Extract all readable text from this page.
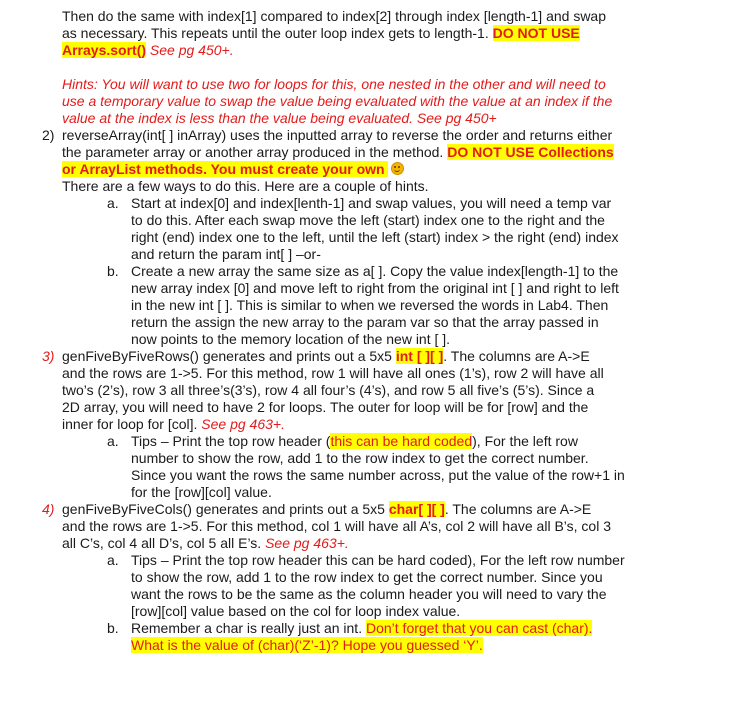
Then do the same with index[1] compared to index[2] through index [length-1] and swap
as necessary. This repeats until the outer loop index gets to length-1. DO NOT USE
Arrays.sort() See pg 450+.
Hints: You will want to use two for loops for this, one nested in the other and will need to
use a temporary value to swap the value being evaluated with the value at an index if the
value at the index is less than the value being evaluated. See pg 450+
2) reverseArray(int[ ] inArray) uses the inputted array to reverse the order and returns either
the parameter array or another array produced in the method. DO NOT USE Collections
or ArrayList methods. You must create your own
There are a few ways to do this. Here are a couple of hints.
a. Start at index[0] and index[lenth-1] and swap values, you will need a temp var
to do this. After each swap move the left (start) index one to the right and the
right (end) index one to the left, until the left (start) index > the right (end) index
and return the param int[ ] –or-
b. Create a new array the same size as a[ ]. Copy the value index[length-1] to the
new array index [0] and move left to right from the original int [ ] and right to left
in the new int [ ]. This is similar to when we reversed the words in Lab4. Then
return the assign the new array to the param var so that the array passed in
now points to the memory location of the new int [ ].
3) genFiveByFiveRows() generates and prints out a 5x5 int [ ][ ]. The columns are A->E
and the rows are 1->5. For this method, row 1 will have all ones (1’s), row 2 will have all
two’s (2’s), row 3 all three’s(3’s), row 4 all four’s (4’s), and row 5 all five’s (5’s). Since a
2D array, you will need to have 2 for loops. The outer for loop will be for [row] and the
inner for loop for [col]. See pg 463+.
a. Tips – Print the top row header (this can be hard coded), For the left row
number to show the row, add 1 to the row index to get the correct number.
Since you want the rows the same number across, put the value of the row+1 in
for the [row][col] value.
4) genFiveByFiveCols() generates and prints out a 5x5 char[ ][ ]. The columns are A->E
and the rows are 1->5. For this method, col 1 will have all A’s, col 2 will have all B’s, col 3
all C’s, col 4 all D’s, col 5 all E’s. See pg 463+.
a. Tips – Print the top row header this can be hard coded), For the left row number
to show the row, add 1 to the row index to get the correct number. Since you
want the rows to be the same as the column header you will need to vary the
[row][col] value based on the col for loop index value.
b. Remember a char is really just an int. Don’t forget that you can cast (char).
What is the value of (char)(‘Z’-1)? Hope you guessed ‘Y’.
